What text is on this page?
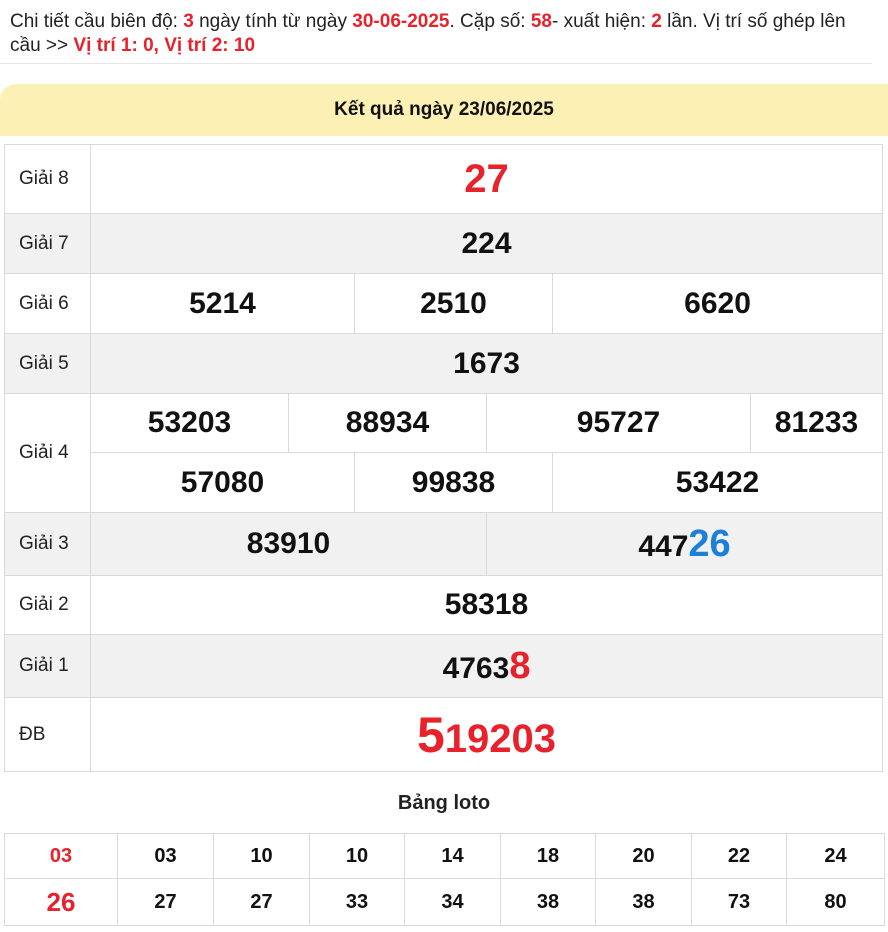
Chi tiết cầu biên độ: 3 ngày tính từ ngày 30-06-2025. Cặp số: 58- xuất hiện: 2 lần. Vị trí số ghép lên cầu >> Vị trí 1: 0, Vị trí 2: 10
Kết quả ngày 23/06/2025
Giải 8	27					
Giải 7	224					
Giải 6	5214		2510		6620	
Giải 5	1673					
Giải 4	53203	88934		95727		81233
	57080		99838		53422	
Giải 3	83910			44726		
Giải 2	58318					
Giải 1	47638					
ĐB	519203					
Bảng loto
03	03	10	10	14	18	20	22	24
26	27	27	33	34	38	38	73	80
